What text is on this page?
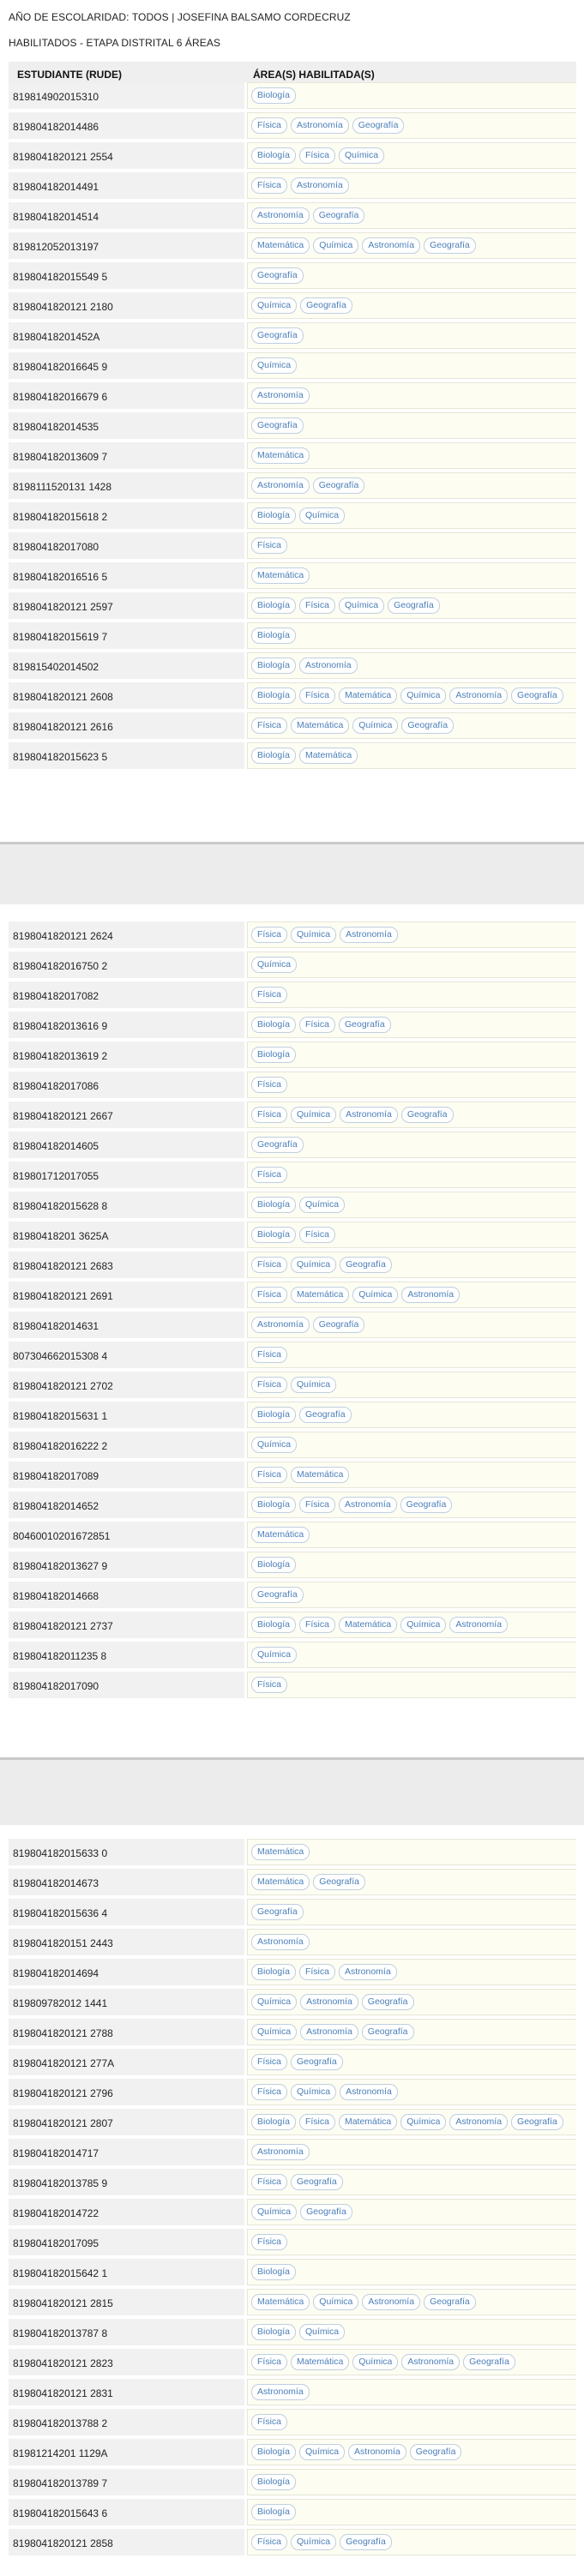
AÑO DE ESCOLARIDAD: TODOS | JOSEFINA BALSAMO CORDECRUZ
HABILITADOS - ETAPA DISTRITAL 6 ÁREAS
ESTUDIANTE (RUDE)	ÁREA(S) HABILITADA(S)
819814902015310	Biología
819804182014486	Física	Astronomía	Geografía
8198041820121 2554	Biología	Física	Química
819804182014491	Física	Astronomía
819804182014514	Astronomía	Geografía
819812052013197	Matemática	Química	Astronomía	Geografía
819804182015549 5	Geografía
8198041820121 2180	Química	Geografía
81980418201452A	Geografía
819804182016645 9	Química
819804182016679 6	Astronomía
819804182014535	Geografía
819804182013609 7	Matemática
8198111520131 1428	Astronomía	Geografía
819804182015618 2	Biología	Química
819804182017080	Física
819804182016516 5	Matemática
8198041820121 2597	Biología	Física	Química	Geografía
819804182015619 7	Biología
819815402014502	Biología	Astronomía
8198041820121 2608	Biología	Física	Matemática	Química	Astronomía	Geografía
8198041820121 2616	Física	Matemática	Química	Geografía
819804182015623 5	Biología	Matemática
8198041820121 2624	Física	Química	Astronomía
819804182016750 2	Química
819804182017082	Física
819804182013616 9	Biología	Física	Geografía
819804182013619 2	Biología
819804182017086	Física
8198041820121 2667	Física	Química	Astronomía	Geografía
819804182014605	Geografía
819801712017055	Física
819804182015628 8	Biología	Química
81980418201 3625A	Biología	Física
8198041820121 2683	Física	Química	Geografía
8198041820121 2691	Física	Matemática	Química	Astronomía
819804182014631	Astronomía	Geografía
807304662015308 4	Física
8198041820121 2702	Física	Química
819804182015631 1	Biología	Geografía
819804182016222 2	Química
819804182017089	Física	Matemática
819804182014652	Biología	Física	Astronomía	Geografía
80460010201672851	Matemática
819804182013627 9	Biología
819804182014668	Geografía
8198041820121 2737	Biología	Física	Matemática	Química	Astronomía
819804182011235 8	Química
819804182017090	Física
819804182015633 0	Matemática
819804182014673	Matemática	Geografía
819804182015636 4	Geografía
8198041820151 2443	Astronomía
819804182014694	Biología	Física	Astronomía
819809782012 1441	Química	Astronomía	Geografía
8198041820121 2788	Química	Astronomía	Geografía
8198041820121 277A	Física	Geografía
8198041820121 2796	Física	Química	Astronomía
8198041820121 2807	Biología	Física	Matemática	Química	Astronomía	Geografía
819804182014717	Astronomía
819804182013785 9	Física	Geografía
819804182014722	Química	Geografía
819804182017095	Física
819804182015642 1	Biología
8198041820121 2815	Matemática	Química	Astronomía	Geografía
819804182013787 8	Biología	Química
8198041820121 2823	Física	Matemática	Química	Astronomía	Geografía
8198041820121 2831	Astronomía
819804182013788 2	Física
81981214201 1129A	Biología	Química	Astronomía	Geografía
819804182013789 7	Biología
819804182015643 6	Biología
8198041820121 2858	Física	Química	Geografía
